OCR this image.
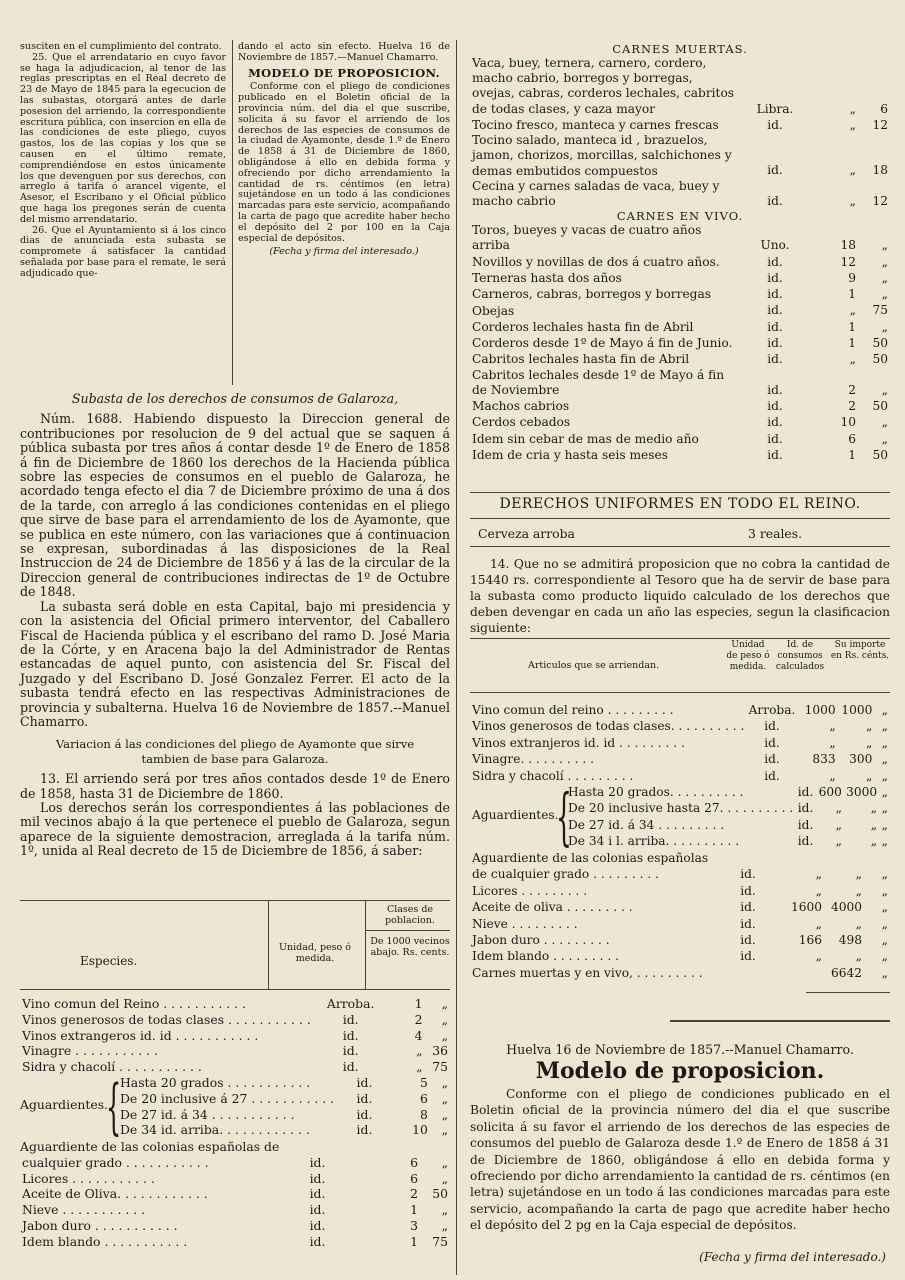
susciten en el cumplimiento del contrato.

25. Que el arrendatario en cuyo favor se haga la adjudicacion, al tenor de las reglas prescriptas en el Real decreto de 23 de Mayo de 1845 para la egecucion de las subastas, otorgará antes de darle posesion del arriendo, la correspondiente escritura pública, con insercion en ella de las condiciones de este pliego, cuyos gastos, los de las copias y los que se causen en el último remate, comprendiéndose en estos únicamente los que devenguen por sus derechos, con arreglo á tarifa ó arancel vigente, el Asesor, el Escribano y el Oficial público que haga los pregones serán de cuenta del mismo arrendatario.

26. Que el Ayuntamiento si á los cinco dias de anunciada esta subasta se compromete á satisfacer la cantidad señalada por base para el remate, le será adjudicado que-

dando el acto sin efecto. Huelva 16 de Noviembre de 1857.—Manuel Chamarro.

MODELO DE PROPOSICION.

Conforme con el pliego de condiciones publicado en el Boletin oficial de la provincia núm. del dia el que suscribe, solicita á su favor el arriendo de los derechos de las especies de consumos de la ciudad de Ayamonte, desde 1.º de Enero de 1858 á 31 de Diciembre de 1860, obligándose á ello en debida forma y ofreciendo por dicho arrendamiento la cantidad de rs. céntimos (en letra) sujetándose en un todo á las condiciones marcadas para este servicio, acompañando la carta de pago que acredite haber hecho el depósito del 2 por 100 en la Caja especial de depósitos.

(Fecha y firma del interesado.)

Subasta de los derechos de consumos de Galaroza,

Núm. 1688. Habiendo dispuesto la Direccion general de contribuciones por resolucion de 9 del actual que se saquen á pública subasta por tres años á contar desde 1º de Enero de 1858 á fin de Diciembre de 1860 los derechos de la Hacienda pública sobre las especies de consumos en el pueblo de Galaroza, he acordado tenga efecto el dia 7 de Diciembre próximo de una á dos de la tarde, con arreglo á las condiciones contenidas en el pliego que sirve de base para el arrendamiento de los de Ayamonte, que se publica en este número, con las variaciones que á continuacion se expresan, subordinadas á las disposiciones de la Real Instruccion de 24 de Diciembre de 1856 y á las de la circular de la Direccion general de contribuciones indirectas de 1º de Octubre de 1848.

La subasta será doble en esta Capital, bajo mi presidencia y con la asistencia del Oficial primero interventor, del Caballero Fiscal de Hacienda pública y el escribano del ramo D. José Maria de la Córte, y en Aracena bajo la del Administrador de Rentas estancadas de aquel punto, con asistencia del Sr. Fiscal del Juzgado y del Escribano D. José Gonzalez Ferrer. El acto de la subasta tendrá efecto en las respectivas Administraciones de provincia y subalterna. Huelva 16 de Noviembre de 1857.--Manuel Chamarro.

Variacion á las condiciones del pliego de Ayamonte que sirve tambien de base para Galaroza.

13. El arriendo será por tres años contados desde 1º de Enero de 1858, hasta 31 de Diciembre de 1860.

Los derechos serán los correspondientes á las poblaciones de mil vecinos abajo á la que pertenece el pueblo de Galaroza, segun aparece de la siguiente demostracion, arreglada á la tarifa núm. 1º, unida al Real decreto de 15 de Diciembre de 1856, á saber:

Especies.
Unidad, peso ó medida.
Clases de poblacion.
De 1000 vecinos abajo. Rs. cents.
Vino comun del Reino . . . . . . . . . . .	Arroba.	1	„
Vinos generosos de todas clases . . . . . . . . . . .	id.	2	„
Vinos extrangeros id. id . . . . . . . . . . .	id.	4	„
Vinagre . . . . . . . . . . .	id.	„	36
Sidra y chacolí . . . . . . . . . . .	id.	„	75
Aguardientes.
{
Hasta 20 grados . . . . . . . . . . .	id.	5	„
De 20 inclusive á 27 . . . . . . . . . . .	id.	6	„
De 27 id. á 34 . . . . . . . . . . .	id.	8	„
De 34 id. arriba. . . . . . . . . . . .	id.	10	„
Aguardiente de las colonias españolas de
cualquier grado . . . . . . . . . . .	id.	6	„
Licores . . . . . . . . . . .	id.	6	„
Aceite de Oliva. . . . . . . . . . . .	id.	2	50
Nieve . . . . . . . . . . .	id.	1	„
Jabon duro . . . . . . . . . . .	id.	3	„
Idem blando . . . . . . . . . . .	id.	1	75
CARNES MUERTAS.
Vaca, buey, ternera, carnero, cordero, macho cabrio, borregos y borregas, ovejas, cabras, corderos lechales, cabritos de todas clases, y caza mayor	Libra.	„	6
Tocino fresco, manteca y carnes frescas	id.	„	12
Tocino salado, manteca id , brazuelos, jamon, chorizos, morcillas, salchichones y demas embutidos compuestos	id.	„	18
Cecina y carnes saladas de vaca, buey y macho cabrio	id.	„	12
CARNES EN VIVO.
Toros, bueyes y vacas de cuatro años arriba	Uno.	18	„
Novillos y novillas de dos á cuatro años.	id.	12	„
Terneras hasta dos años	id.	9	„
Carneros, cabras, borregos y borregas	id.	1	„
Obejas	id.	„	75
Corderos lechales hasta fin de Abril	id.	1	„
Corderos desde 1º de Mayo á fin de Junio.	id.	1	50
Cabritos lechales hasta fin de Abril	id.	„	50
Cabritos lechales desde 1º de Mayo á fin de Noviembre	id.	2	„
Machos cabrios	id.	2	50
Cerdos cebados	id.	10	„
Idem sin cebar de mas de medio año	id.	6	„
Idem de cria y hasta seis meses	id.	1	50
DERECHOS UNIFORMES EN TODO EL REINO.
Cerveza arroba	3 reales.

14. Que no se admitirá proposicion que no cobra la cantidad de 15440 rs. correspondiente al Tesoro que ha de servir de base para la subasta como producto liquido calculado de los derechos que deben devengar en cada un año las especies, segun la clasificacion siguiente:

Articulos que se arriendan.
Unidad de peso ó medida.
Id. de consumos calculados
Su importe en Rs. cénts.
Vino comun del reino . . . . . . . . .	Arroba.	1000	1000	„
Vinos generosos de todas clases. . . . . . . . . .	id.	„	„	„
Vinos extranjeros id. id . . . . . . . . .	id.	„	„	„
Vinagre. . . . . . . . . .	id.	833	300	„
Sidra y chacolí . . . . . . . . .	id.	„	„	„
Aguardientes.
{
Hasta 20 grados. . . . . . . . . .	id.	600	3000	„
De 20 inclusive hasta 27. . . . . . . . . .	id.	„	„	„
De 27 id. á 34 . . . . . . . . .	id.	„	„	„
De 34 i l. arriba. . . . . . . . . .	id.	„	„	„
Aguardiente de las colonias españolas
de cualquier grado . . . . . . . . .	id.	„	„	„
Licores . . . . . . . . .	id.	„	„	„
Aceite de oliva . . . . . . . . .	id.	1600	4000	„
Nieve . . . . . . . . .	id.	„	„	„
Jabon duro . . . . . . . . .	id.	166	498	„
Idem blando . . . . . . . . .	id.	„	„	„
Carnes muertas y en vivo, . . . . . . . . .			6642	„
Huelva 16 de Noviembre de 1857.--Manuel Chamarro.
Modelo de proposicion.

Conforme con el pliego de condiciones publicado en el Boletin oficial de la provincia número del dia el que suscribe solicita á su favor el arriendo de los derechos de las especies de consumos del pueblo de Galaroza desde 1.º de Enero de 1858 á 31 de Diciembre de 1860, obligándose á ello en debida forma y ofreciendo por dicho arrendamiento la cantidad de rs. céntimos (en letra) sujetándose en un todo á las condiciones marcadas para este servicio, acompañando la carta de pago que acredite haber hecho el depósito del 2 pg en la Caja especial de depósitos.

(Fecha y firma del interesado.)
